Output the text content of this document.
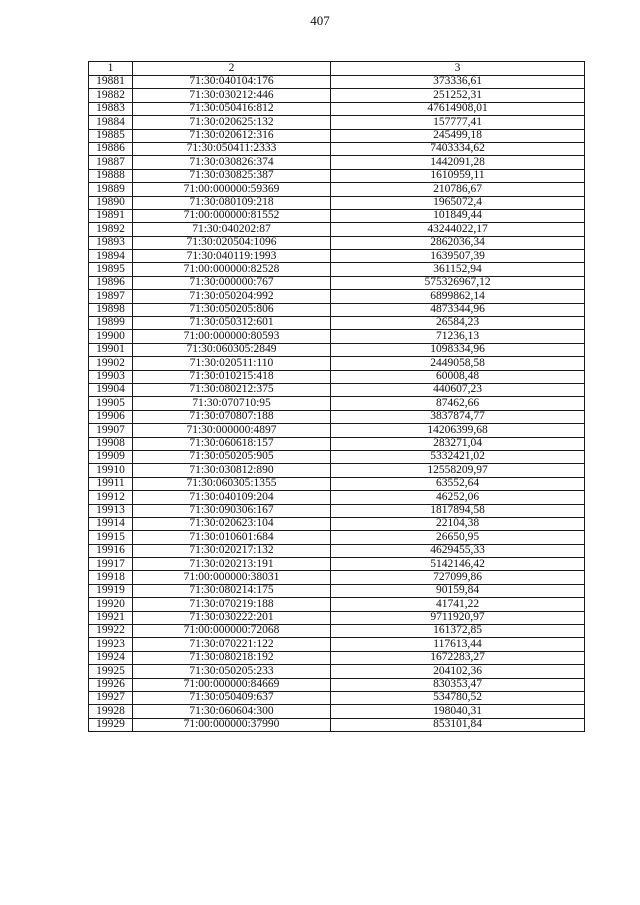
407
1	2	3
19881	71:30:040104:176	373336,61
19882	71:30:030212:446	251252,31
19883	71:30:050416:812	47614908,01
19884	71:30:020625:132	157777,41
19885	71:30:020612:316	245499,18
19886	71:30:050411:2333	7403334,62
19887	71:30:030826:374	1442091,28
19888	71:30:030825:387	1610959,11
19889	71:00:000000:59369	210786,67
19890	71:30:080109:218	1965072,4
19891	71:00:000000:81552	101849,44
19892	71:30:040202:87	43244022,17
19893	71:30:020504:1096	2862036,34
19894	71:30:040119:1993	1639507,39
19895	71:00:000000:82528	361152,94
19896	71:30:000000:767	575326967,12
19897	71:30:050204:992	6899862,14
19898	71:30:050205:806	4873344,96
19899	71:30:050312:601	26584,23
19900	71:00:000000:80593	71236,13
19901	71:30:060305:2849	1098334,96
19902	71:30:020511:110	2449058,58
19903	71:30:010215:418	60008,48
19904	71:30:080212:375	440607,23
19905	71:30:070710:95	87462,66
19906	71:30:070807:188	3837874,77
19907	71:30:000000:4897	14206399,68
19908	71:30:060618:157	283271,04
19909	71:30:050205:905	5332421,02
19910	71:30:030812:890	12558209,97
19911	71:30:060305:1355	63552,64
19912	71:30:040109:204	46252,06
19913	71:30:090306:167	1817894,58
19914	71:30:020623:104	22104,38
19915	71:30:010601:684	26650,95
19916	71:30:020217:132	4629455,33
19917	71:30:020213:191	5142146,42
19918	71:00:000000:38031	727099,86
19919	71:30:080214:175	90159,84
19920	71:30:070219:188	41741,22
19921	71:30:030222:201	9711920,97
19922	71:00:000000:72068	161372,85
19923	71:30:070221:122	117613,44
19924	71:30:080218:192	1672283,27
19925	71:30:050205:233	204102,36
19926	71:00:000000:84669	830353,47
19927	71:30:050409:637	534780,52
19928	71:30:060604:300	198040,31
19929	71:00:000000:37990	853101,84
